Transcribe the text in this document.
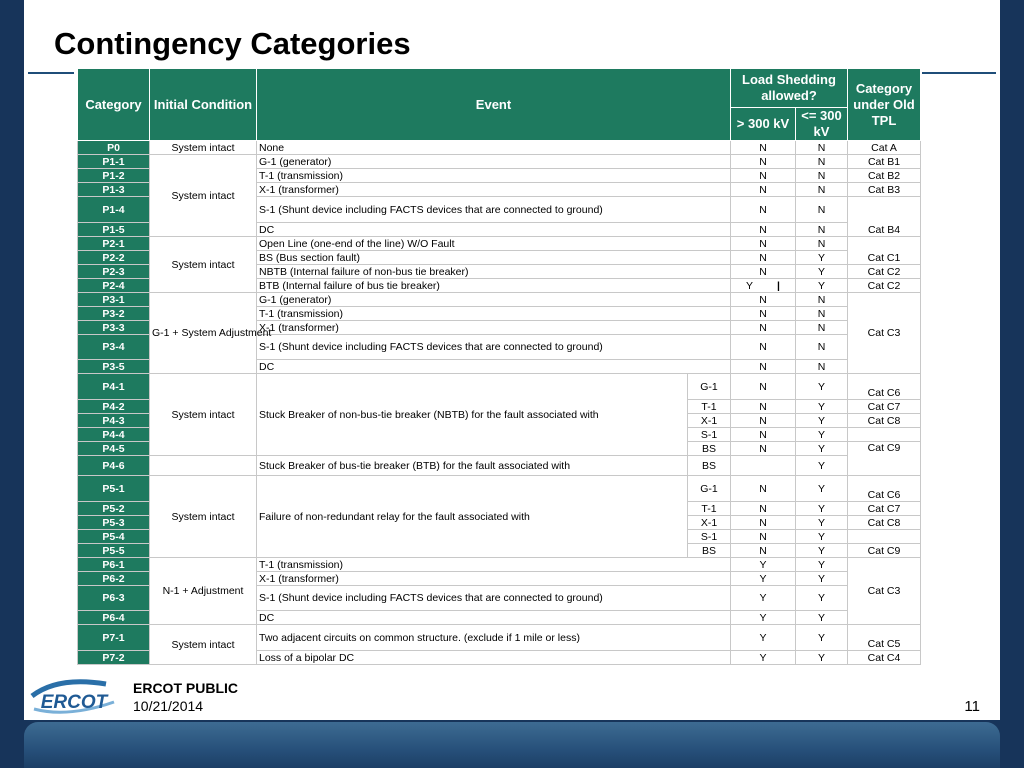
Contingency Categories
Category	Initial Condition	Event		Load Shedding allowed?		Category under Old TPL
				> 300 kV	<= 300 kV	
P0	System intact	None		N	N	Cat A
P1-1	System intact	G-1 (generator)		N	N	Cat B1
P1-2		T-1 (transmission)		N	N	Cat B2
P1-3		X-1 (transformer)		N	N	Cat B3
P1-4		S-1 (Shunt device including FACTS devices that are connected to ground)		N	N	Cat B4
P1-5		DC		N	N	
P2-1	System intact	Open Line (one-end of the line) W/O Fault		N	N	Cat C1
P2-2		BS (Bus section fault)		N	Y	
P2-3		NBTB (Internal failure of non-bus tie breaker)		N	Y	Cat C2
P2-4		BTB (Internal failure of bus tie breaker)		Y |	Y	Cat C2
P3-1	G-1 + System Adjustment	G-1 (generator)		N	N	Cat C3
P3-2		T-1 (transmission)		N	N	
P3-3		X-1 (transformer)		N	N	
P3-4		S-1 (Shunt device including FACTS devices that are connected to ground)		N	N	
P3-5		DC		N	N	
P4-1	System intact	Stuck Breaker of non-bus-tie breaker (NBTB) for the fault associated with	G-1	N	Y	Cat C6
P4-2			T-1	N	Y	Cat C7
P4-3			X-1	N	Y	Cat C8
P4-4			S-1	N	Y	
P4-5			BS	N	Y	Cat C9
P4-6		Stuck Breaker of bus-tie breaker (BTB) for the fault associated with	BS		Y	
P5-1	System intact	Failure of non-redundant relay for the fault associated with	G-1	N	Y	Cat C6
P5-2			T-1	N	Y	Cat C7
P5-3			X-1	N	Y	Cat C8
P5-4			S-1	N	Y	
P5-5			BS	N	Y	Cat C9
P6-1	N-1 + Adjustment	T-1 (transmission)		Y	Y	Cat C3
P6-2		X-1 (transformer)		Y	Y	
P6-3		S-1 (Shunt device including FACTS devices that are connected to ground)		Y	Y	
P6-4		DC		Y	Y	
P7-1	System intact	Two adjacent circuits on common structure. (exclude if 1 mile or less)		Y	Y	Cat C5
P7-2		Loss of a bipolar DC		Y	Y	Cat C4
ERCOT
ERCOT PUBLIC
10/21/2014	11
